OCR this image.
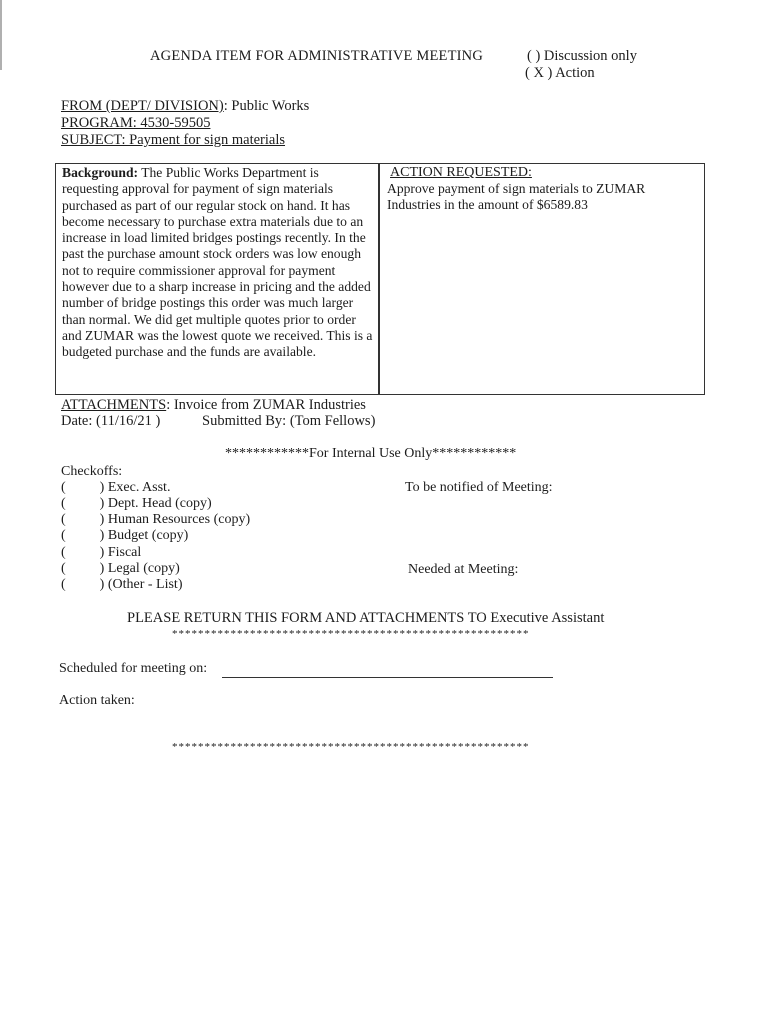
AGENDA ITEM FOR ADMINISTRATIVE MEETING	( ) Discussion only
( X ) Action
FROM (DEPT/ DIVISION): Public Works
PROGRAM: 4530-59505
SUBJECT: Payment for sign materials
Background: The Public Works Department is requesting approval for payment of sign materials purchased as part of our regular stock on hand. It has become necessary to purchase extra materials due to an increase in load limited bridges postings recently. In the past the purchase amount stock orders was low enough not to require commissioner approval for payment however due to a sharp increase in pricing and the added number of bridge postings this order was much larger than normal. We did get multiple quotes prior to order and ZUMAR was the lowest quote we received. This is a budgeted purchase and the funds are available.
ACTION REQUESTED:
Approve payment of sign materials to ZUMAR Industries in the amount of $6589.83
ATTACHMENTS: Invoice from ZUMAR Industries
Date: (11/16/21 )	Submitted By: (Tom Fellows)
************For Internal Use Only************
Checkoffs:
( ) Exec. Asst.
( ) Dept. Head (copy)
( ) Human Resources (copy)
( ) Budget (copy)
( ) Fiscal
( ) Legal (copy)
( ) (Other - List)
To be notified of Meeting:
Needed at Meeting:
PLEASE RETURN THIS FORM AND ATTACHMENTS TO Executive Assistant
*******************************************************
Scheduled for meeting on:
Action taken:
*******************************************************
